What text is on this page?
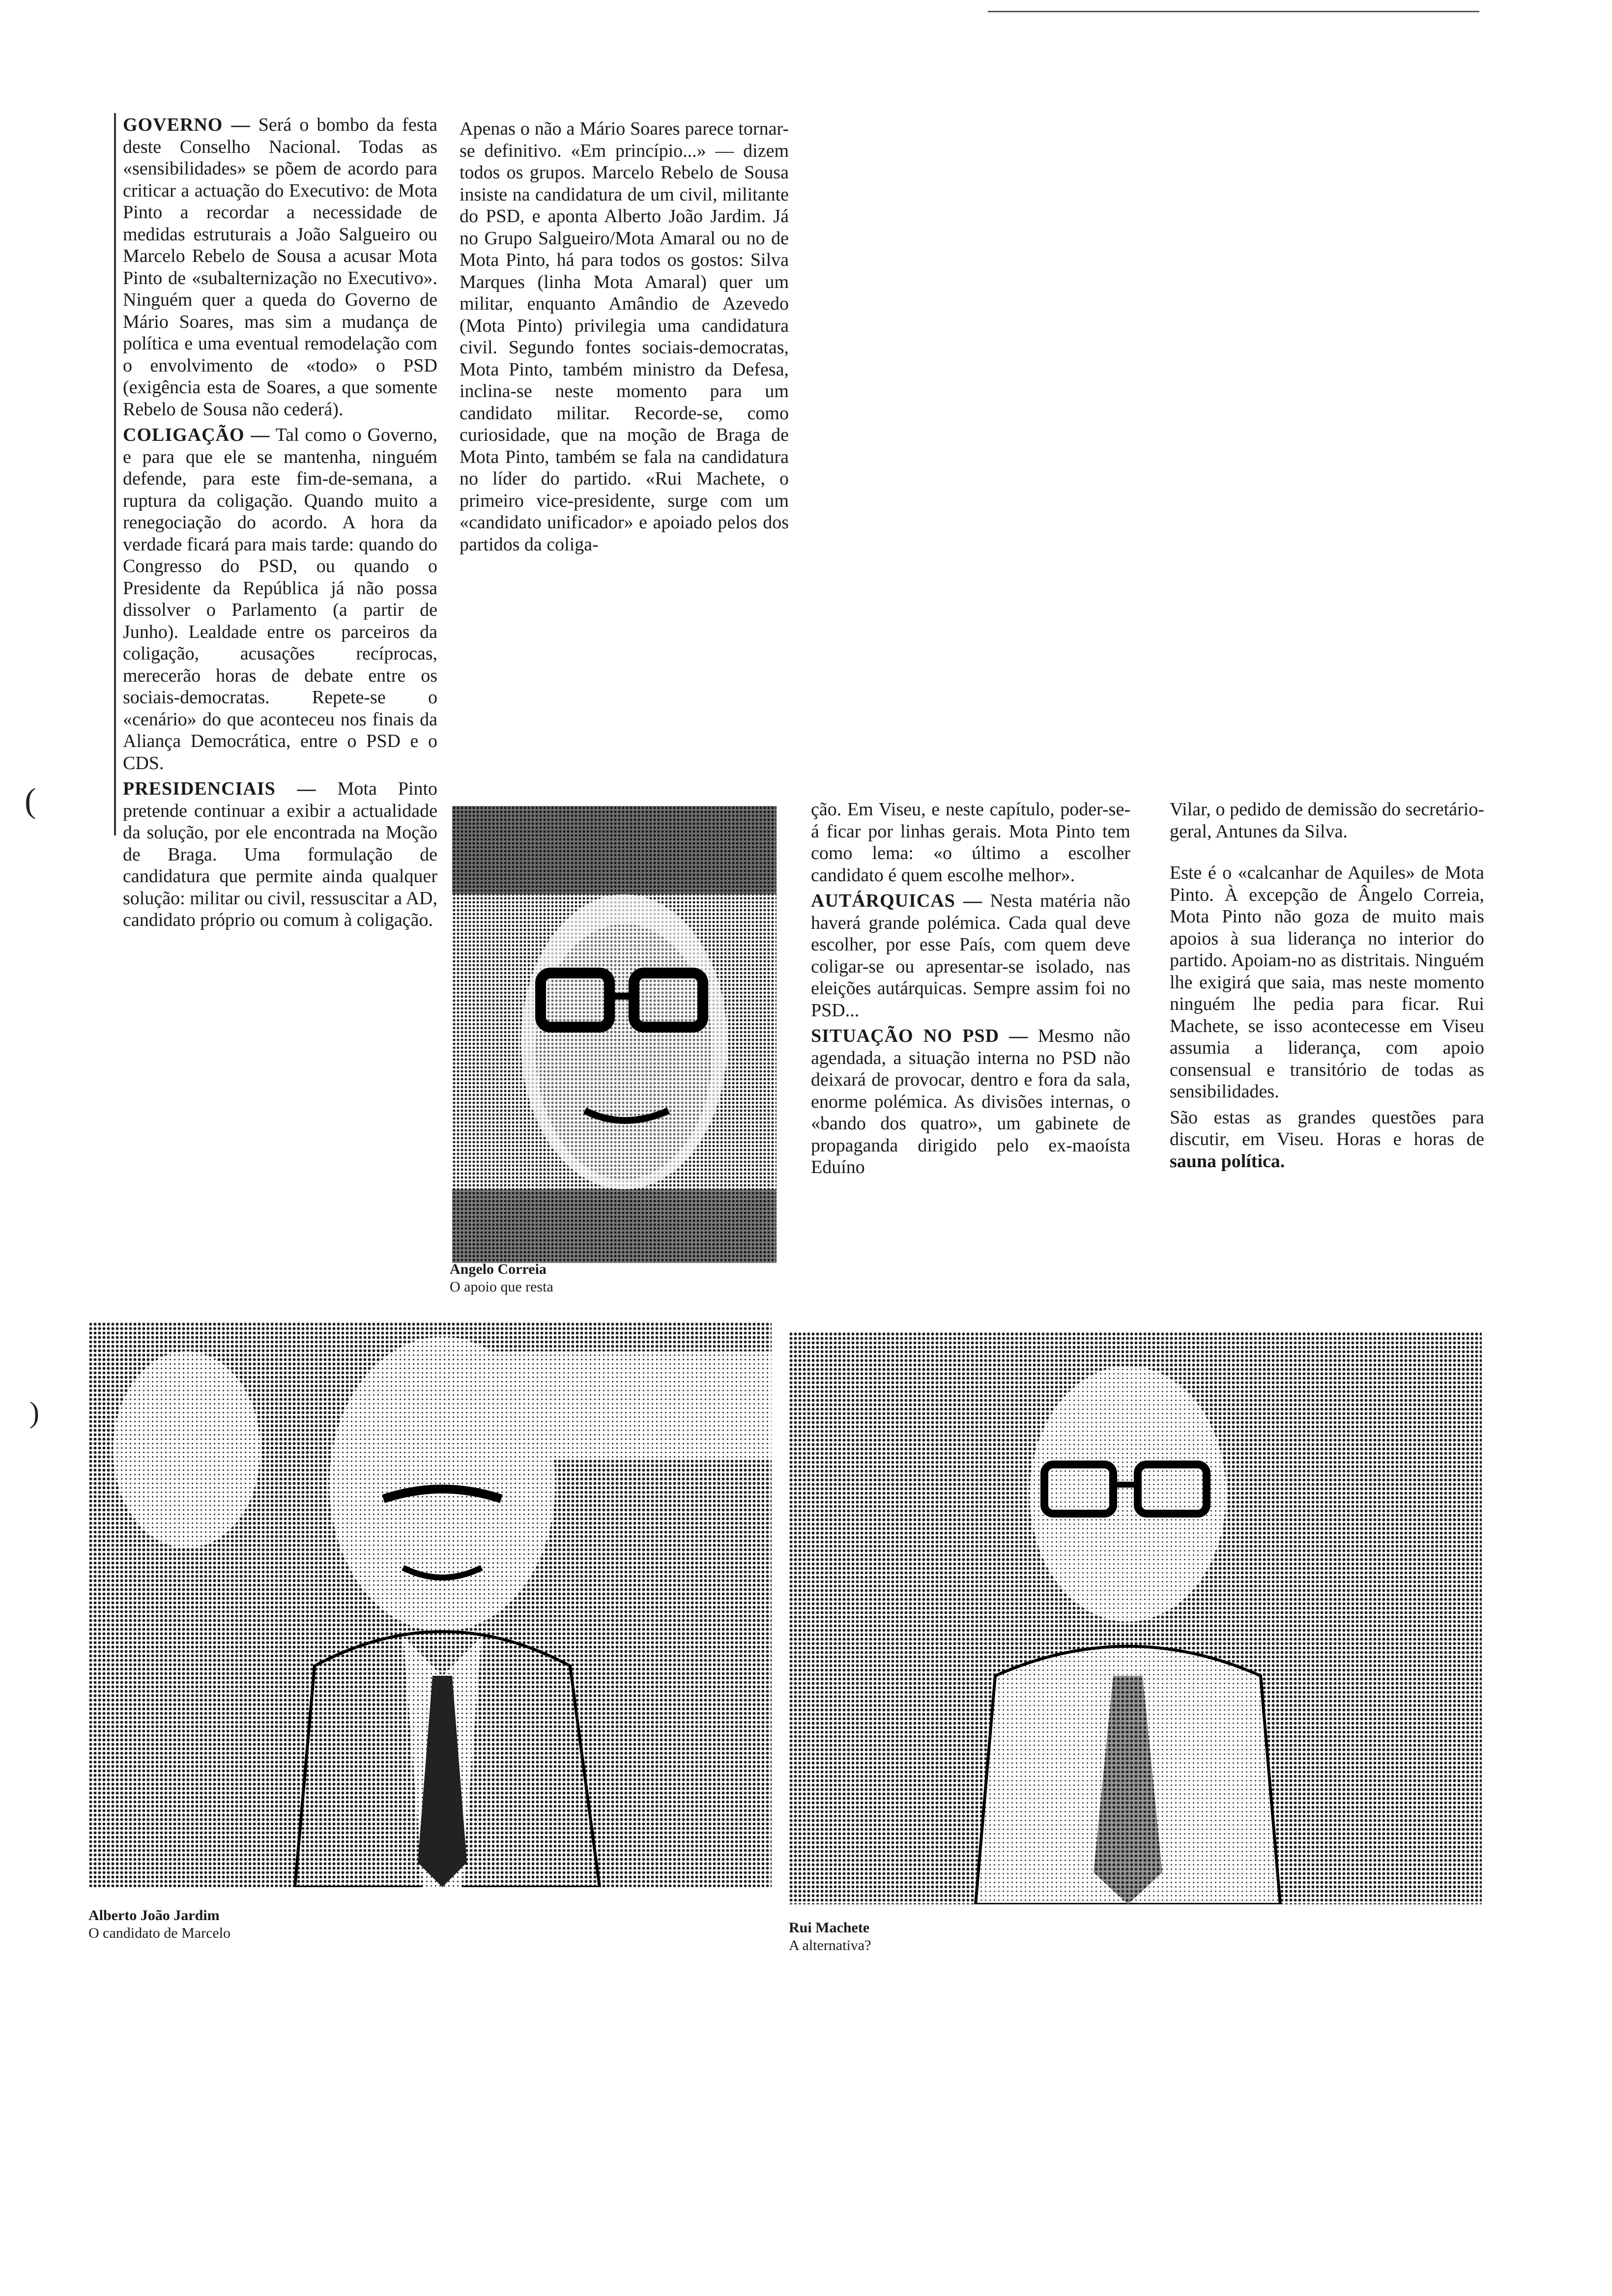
(
)

GOVERNO — Será o bombo da festa deste Conselho Nacional. Todas as «sensibilidades» se põem de acordo para criticar a actuação do Executivo: de Mota Pinto a recordar a necessidade de medidas estruturais a João Salgueiro ou Marcelo Rebelo de Sousa a acusar Mota Pinto de «subalternização no Executivo». Ninguém quer a queda do Governo de Mário Soares, mas sim a mudança de política e uma eventual remodelação com o envolvimento de «todo» o PSD (exigência esta de Soares, a que somente Rebelo de Sousa não cederá).

COLIGAÇÃO — Tal como o Governo, e para que ele se mantenha, ninguém defende, para este fim-de-semana, a ruptura da coligação. Quando muito a renegociação do acordo. A hora da verdade ficará para mais tarde: quando do Congresso do PSD, ou quando o Presidente da República já não possa dissolver o Parlamento (a partir de Junho). Lealdade entre os parceiros da coligação, acusações recíprocas, merecerão horas de debate entre os sociais-democratas. Repete-se o «cenário» do que aconteceu nos finais da Aliança Democrática, entre o PSD e o CDS.

PRESIDENCIAIS — Mota Pinto pretende continuar a exibir a actualidade da solução, por ele encontrada na Moção de Braga. Uma formulação de candidatura que permite ainda qualquer solução: militar ou civil, ressuscitar a AD, candidato próprio ou comum à coligação.

Apenas o não a Mário Soares parece tornar-se definitivo. «Em princípio...» — dizem todos os grupos. Marcelo Rebelo de Sousa insiste na candidatura de um civil, militante do PSD, e aponta Alberto João Jardim. Já no Grupo Salgueiro/Mota Amaral ou no de Mota Pinto, há para todos os gostos: Silva Marques (linha Mota Amaral) quer um militar, enquanto Amândio de Azevedo (Mota Pinto) privilegia uma candidatura civil. Segundo fontes sociais-democratas, Mota Pinto, também ministro da Defesa, inclina-se neste momento para um candidato militar. Recorde-se, como curiosidade, que na moção de Braga de Mota Pinto, também se fala na candidatura no líder do partido. «Rui Machete, o primeiro vice-presidente, surge com um «candidato unificador» e apoiado pelos dos partidos da coliga-

ção. Em Viseu, e neste capítulo, poder-se-á ficar por linhas gerais. Mota Pinto tem como lema: «o último a escolher candidato é quem escolhe melhor».

AUTÁRQUICAS — Nesta matéria não haverá grande polémica. Cada qual deve escolher, por esse País, com quem deve coligar-se ou apresentar-se isolado, nas eleições autárquicas. Sempre assim foi no PSD...

SITUAÇÃO NO PSD — Mesmo não agendada, a situação interna no PSD não deixará de provocar, dentro e fora da sala, enorme polémica. As divisões internas, o «bando dos quatro», um gabinete de propaganda dirigido pelo ex-maoísta Eduíno

Vilar, o pedido de demissão do secretário-geral, Antunes da Silva.

Este é o «calcanhar de Aquiles» de Mota Pinto. À excepção de Ângelo Correia, Mota Pinto não goza de muito mais apoios à sua liderança no interior do partido. Apoiam-no as distritais. Ninguém lhe exigirá que saia, mas neste momento ninguém lhe pedia para ficar. Rui Machete, se isso acontecesse em Viseu assumia a liderança, com apoio consensual e transitório de todas as sensibilidades.

São estas as grandes questões para discutir, em Viseu. Horas e horas de sauna política.

Angelo Correia
O apoio que resta
Alberto João Jardim
O candidato de Marcelo	Rui Machete
A alternativa?
